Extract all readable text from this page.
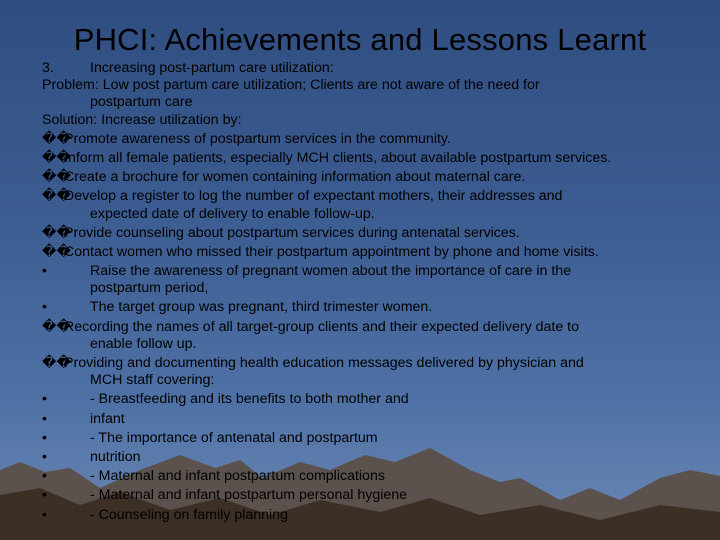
PHCI: Achievements and Lessons Learnt
3.	Increasing post-partum care utilization:
Problem: Low post partum care utilization; Clients are not aware of the need for
postpartum care
Solution: Increase utilization by:
��
Promote awareness of postpartum services in the community.
��
Inform all female patients, especially MCH clients, about available postpartum services.
��
Create a brochure for women containing information about maternal care.
��
Develop a register to log the number of expectant mothers, their addresses and
expected date of delivery to enable follow-up.
��
Provide counseling about postpartum services during antenatal services.
��
Contact women who missed their postpartum appointment by phone and home visits.
•	Raise the awareness of pregnant women about the importance of care in the
postpartum period,
•	The target group was pregnant, third trimester women.
��
Recording the names of all target-group clients and their expected delivery date to
enable follow up.
��
Providing and documenting health education messages delivered by physician and
MCH staff covering:
•	- Breastfeeding and its benefits to both mother and
•	infant
•	- The importance of antenatal and postpartum
•	nutrition
•	- Maternal and infant postpartum complications
•	- Maternal and infant postpartum personal hygiene
•	- Counseling on family planning
